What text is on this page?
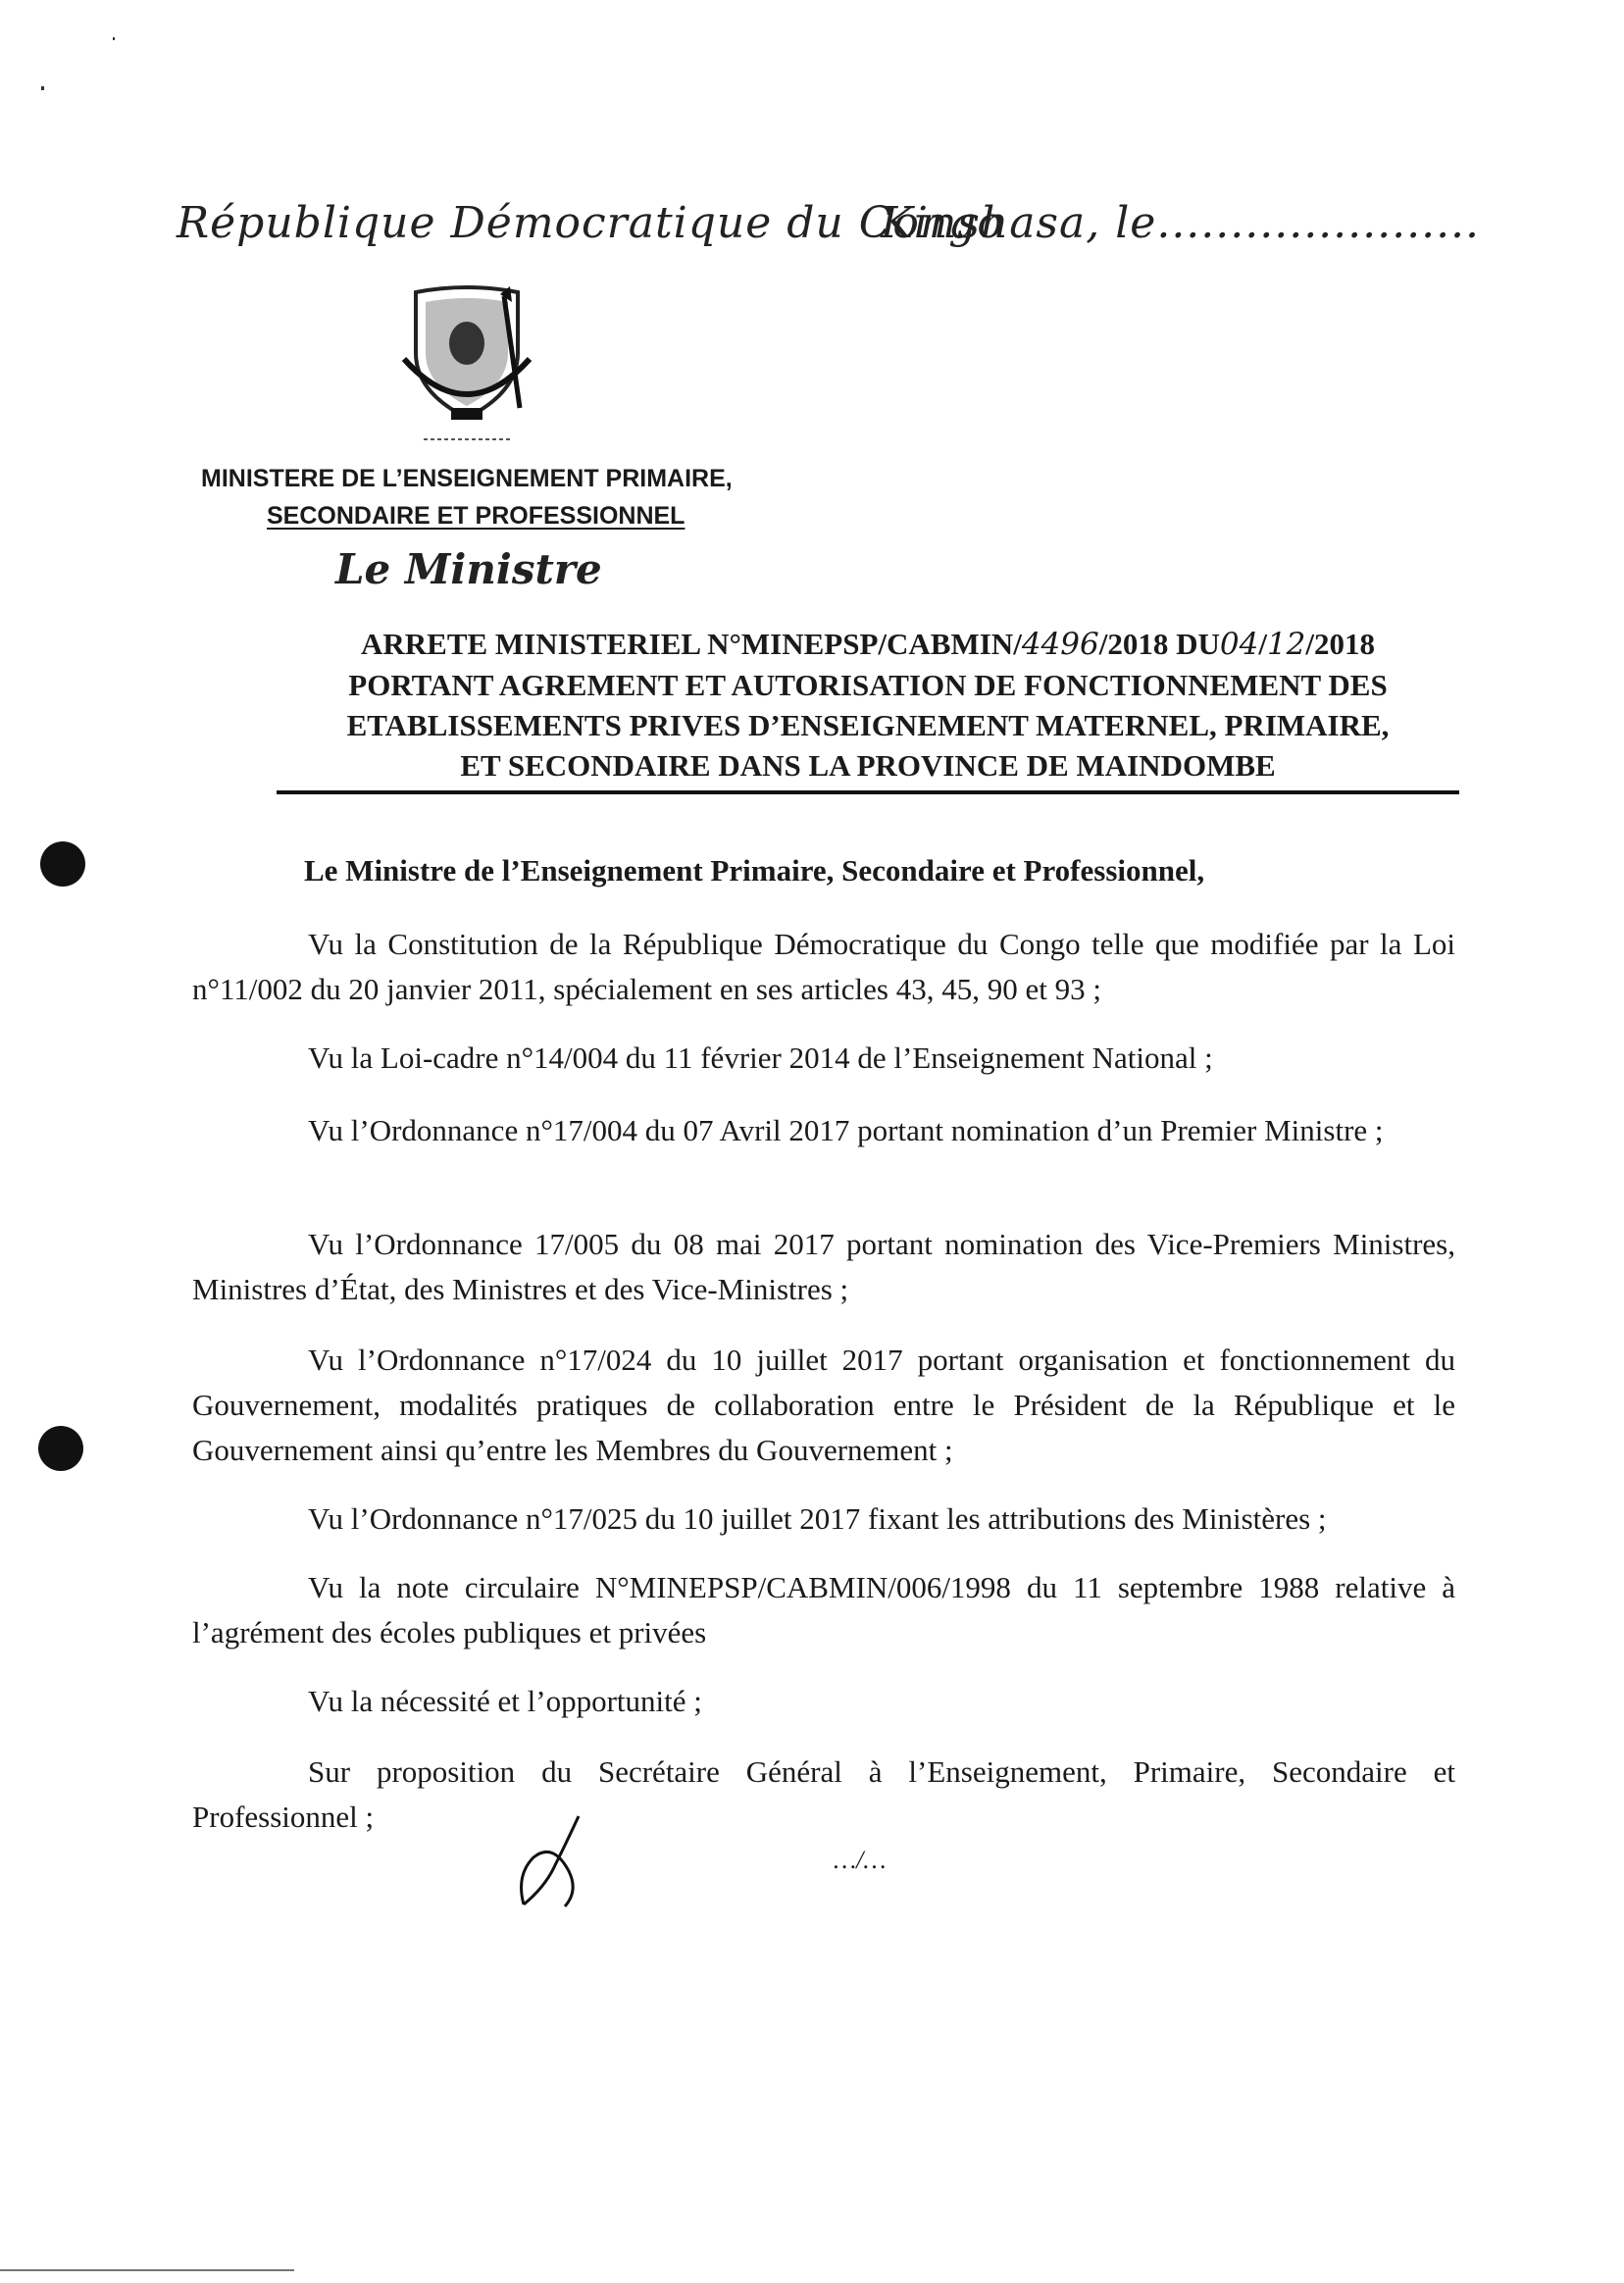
République Démocratique du Congo
Kinshasa, le......................
MINISTERE DE L’ENSEIGNEMENT PRIMAIRE,
SECONDAIRE ET PROFESSIONNEL
Le Ministre
ARRETE MINISTERIEL N°MINEPSP/CABMIN/4496/2018 DU04/12/2018
PORTANT AGREMENT ET AUTORISATION DE FONCTIONNEMENT DES
ETABLISSEMENTS PRIVES D’ENSEIGNEMENT MATERNEL, PRIMAIRE,
ET SECONDAIRE DANS LA PROVINCE DE MAINDOMBE
Le Ministre de l’Enseignement Primaire, Secondaire et Professionnel,
Vu la Constitution de la République Démocratique du Congo telle que modifiée par la Loi n°11/002 du 20 janvier 2011, spécialement en ses articles 43, 45, 90 et 93 ;
Vu la Loi-cadre n°14/004 du 11 février 2014 de l’Enseignement National ;
Vu l’Ordonnance n°17/004 du 07 Avril 2017 portant nomination d’un Premier Ministre ;
Vu l’Ordonnance 17/005 du 08 mai 2017 portant nomination des Vice-Premiers Ministres, Ministres d’État, des Ministres et des Vice-Ministres ;
Vu l’Ordonnance n°17/024 du 10 juillet 2017 portant organisation et fonctionnement du Gouvernement, modalités pratiques de collaboration entre le Président de la République et le Gouvernement ainsi qu’entre les Membres du Gouvernement ;
Vu l’Ordonnance n°17/025 du 10 juillet 2017 fixant les attributions des Ministères ;
Vu la note circulaire N°MINEPSP/CABMIN/006/1998 du 11 septembre 1988 relative à l’agrément des écoles publiques et privées
Vu la nécessité et l’opportunité ;
Sur proposition du Secrétaire Général à l’Enseignement, Primaire, Secondaire et Professionnel ;
…/…
